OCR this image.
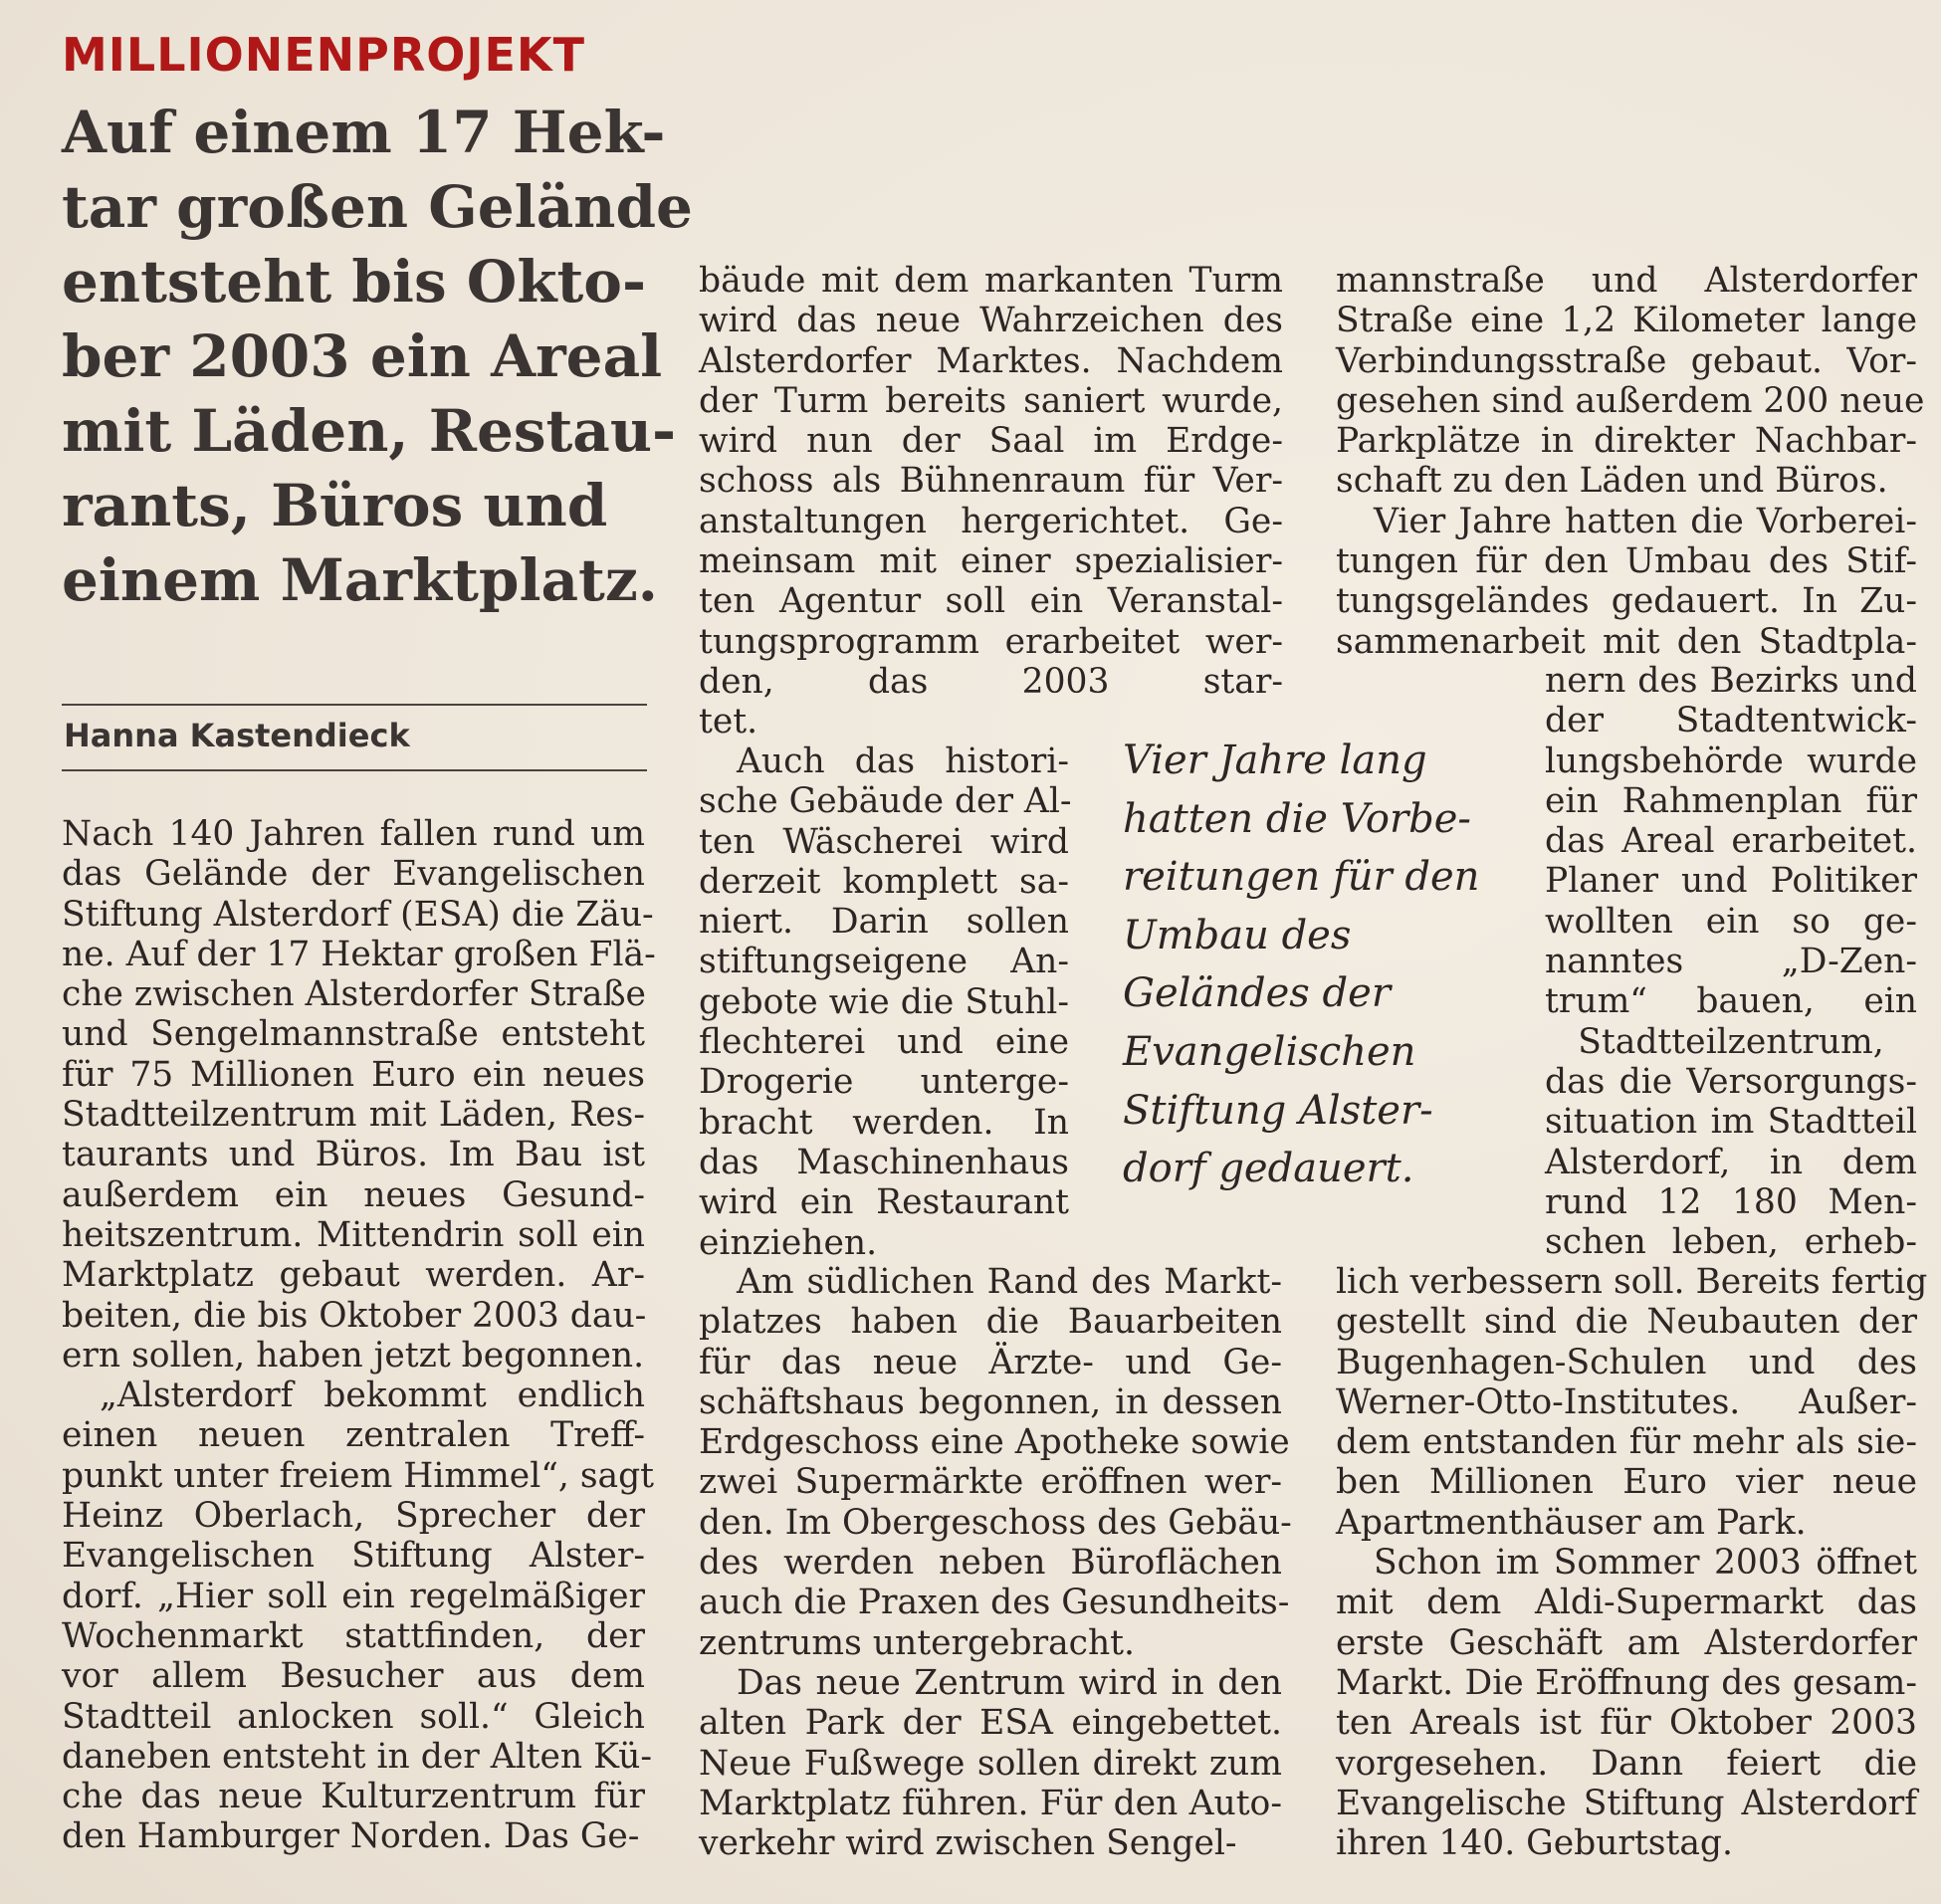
MILLIONENPROJEKT
Auf einem 17 Hek-
tar großen Gelände
entsteht bis Okto-
ber 2003 ein Areal
mit Läden, Restau-
rants, Büros und
einem Marktplatz.
Hanna Kastendieck
Nach 140 Jahren fallen rund um
das Gelände der Evangelischen
Stiftung Alsterdorf (ESA) die Zäu-
ne. Auf der 17 Hektar großen Flä-
che zwischen Alsterdorfer Straße
und Sengelmannstraße entsteht
für 75 Millionen Euro ein neues
Stadtteilzentrum mit Läden, Res-
taurants und Büros. Im Bau ist
außerdem ein neues Gesund-
heitszentrum. Mittendrin soll ein
Marktplatz gebaut werden. Ar-
beiten, die bis Oktober 2003 dau-
ern sollen, haben jetzt begonnen.
„Alsterdorf bekommt endlich
einen neuen zentralen Treff-
punkt unter freiem Himmel“, sagt
Heinz Oberlach, Sprecher der
Evangelischen Stiftung Alster-
dorf. „Hier soll ein regelmäßiger
Wochenmarkt stattfinden, der
vor allem Besucher aus dem
Stadtteil anlocken soll.“ Gleich
daneben entsteht in der Alten Kü-
che das neue Kulturzentrum für
den Hamburger Norden. Das Ge-
bäude mit dem markanten Turm
wird das neue Wahrzeichen des
Alsterdorfer Marktes. Nachdem
der Turm bereits saniert wurde,
wird nun der Saal im Erdge-
schoss als Bühnenraum für Ver-
anstaltungen hergerichtet. Ge-
meinsam mit einer spezialisier-
ten Agentur soll ein Veranstal-
tungsprogramm erarbeitet wer-
den, das 2003 star-
tet.
Auch das histori-
sche Gebäude der Al-
ten Wäscherei wird
derzeit komplett sa-
niert. Darin sollen
stiftungseigene An-
gebote wie die Stuhl-
flechterei und eine
Drogerie unterge-
bracht werden. In
das Maschinenhaus
wird ein Restaurant
einziehen.
Am südlichen Rand des Markt-
platzes haben die Bauarbeiten
für das neue Ärzte- und Ge-
schäftshaus begonnen, in dessen
Erdgeschoss eine Apotheke sowie
zwei Supermärkte eröffnen wer-
den. Im Obergeschoss des Gebäu-
des werden neben Büroflächen
auch die Praxen des Gesundheits-
zentrums untergebracht.
Das neue Zentrum wird in den
alten Park der ESA eingebettet.
Neue Fußwege sollen direkt zum
Marktplatz führen. Für den Auto-
verkehr wird zwischen Sengel-
Vier Jahre lang
hatten die Vorbe-
reitungen für den
Umbau des
Geländes der
Evangelischen
Stiftung Alster-
dorf gedauert.
mannstraße und Alsterdorfer
Straße eine 1,2 Kilometer lange
Verbindungsstraße gebaut. Vor-
gesehen sind außerdem 200 neue
Parkplätze in direkter Nachbar-
schaft zu den Läden und Büros.
Vier Jahre hatten die Vorberei-
tungen für den Umbau des Stif-
tungsgeländes gedauert. In Zu-
sammenarbeit mit den Stadtpla-
nern des Bezirks und
der Stadtentwick-
lungsbehörde wurde
ein Rahmenplan für
das Areal erarbeitet.
Planer und Politiker
wollten ein so ge-
nanntes „D-Zen-
trum“ bauen, ein
Stadtteilzentrum,
das die Versorgungs-
situation im Stadtteil
Alsterdorf, in dem
rund 12 180 Men-
schen leben, erheb-
lich verbessern soll. Bereits fertig
gestellt sind die Neubauten der
Bugenhagen-Schulen und des
Werner-Otto-Institutes. Außer-
dem entstanden für mehr als sie-
ben Millionen Euro vier neue
Apartmenthäuser am Park.
Schon im Sommer 2003 öffnet
mit dem Aldi-Supermarkt das
erste Geschäft am Alsterdorfer
Markt. Die Eröffnung des gesam-
ten Areals ist für Oktober 2003
vorgesehen. Dann feiert die
Evangelische Stiftung Alsterdorf
ihren 140. Geburtstag.
